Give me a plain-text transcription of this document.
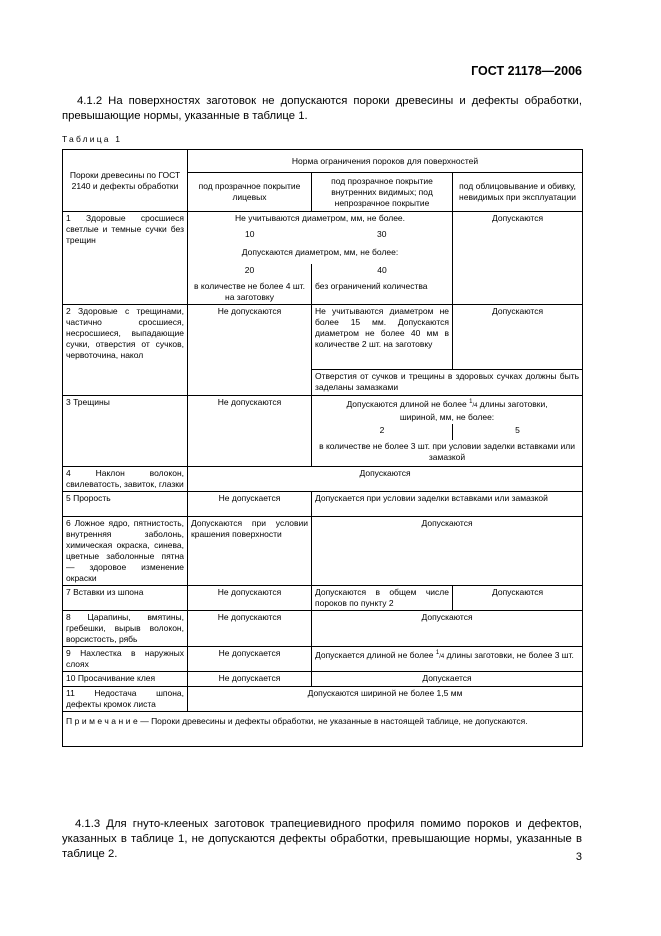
ГОСТ 21178—2006
4.1.2 На поверхностях заготовок не допускаются пороки древесины и дефекты обработки, превышающие нормы, указанные в таблице 1.
Таблица 1
Пороки древесины по ГОСТ 2140 и дефекты обработки	Норма ограничения пороков для поверхностей		
	под прозрачное покрытие лицевых	под прозрачное покрытие внутренних видимых; под непрозрачное покрытие	под облицовывание и обивку, невидимых при эксплуатации
1 Здоровые сросшиеся светлые и темные сучки без трещин	Не учитываются диаметром, мм, не более.		Допускаются
	10	30	
	Допускаются диаметром, мм, не более:		
	20	40	
	в количестве не более 4 шт. на заготовку	без ограничений количества	
2 Здоровые с трещинами, частично сросшиеся, несросшиеся, выпадающие сучки, отверстия от сучков, червоточина, накол	Не допускаются	Не учитываются диаметром не более 15 мм. Допускаются диаметром не более 40 мм в количестве 2 шт. на заготовку	Допускаются
		Отверстия от сучков и трещины в здоровых сучках должны быть заделаны замазками	
3 Трещины	Не допускаются	Допускаются длиной не более 1/4 длины заготовки,
шириной, мм, не более:	
		2	5
		в количестве не более 3 шт. при условии заделки вставками или замазкой	
4 Наклон волокон, свилеватость, завиток, глазки	Допускаются		
5 Прорость	Не допускается	Допускается при условии заделки вставками или замазкой	
6 Ложное ядро, пятнистость, внутренняя заболонь, химическая окраска, синева, цветные заболонные пятна — здоровое изменение окраски	Допускаются при условии крашения поверхности	Допускаются	
7 Вставки из шпона	Не допускаются	Допускаются в общем числе пороков по пункту 2	Допускаются
8 Царапины, вмятины, гребешки, вырыв волокон, ворсистость, рябь	Не допускаются	Допускаются	
9 Нахлестка в наружных слоях	Не допускается	Допускается длиной не более 1/4 длины заготовки, не более 3 шт.	
10 Просачивание клея	Не допускается	Допускается	
11 Недостача шпона, дефекты кромок листа	Допускаются шириной не более 1,5 мм		
Примечание— Пороки древесины и дефекты обработки, не указанные в настоящей таблице, не допускаются.			
4.1.3 Для гнуто-клееных заготовок трапециевидного профиля помимо пороков и дефектов, указанных в таблице 1, не допускаются дефекты обработки, превышающие нормы, указанные в таблице 2.	3
